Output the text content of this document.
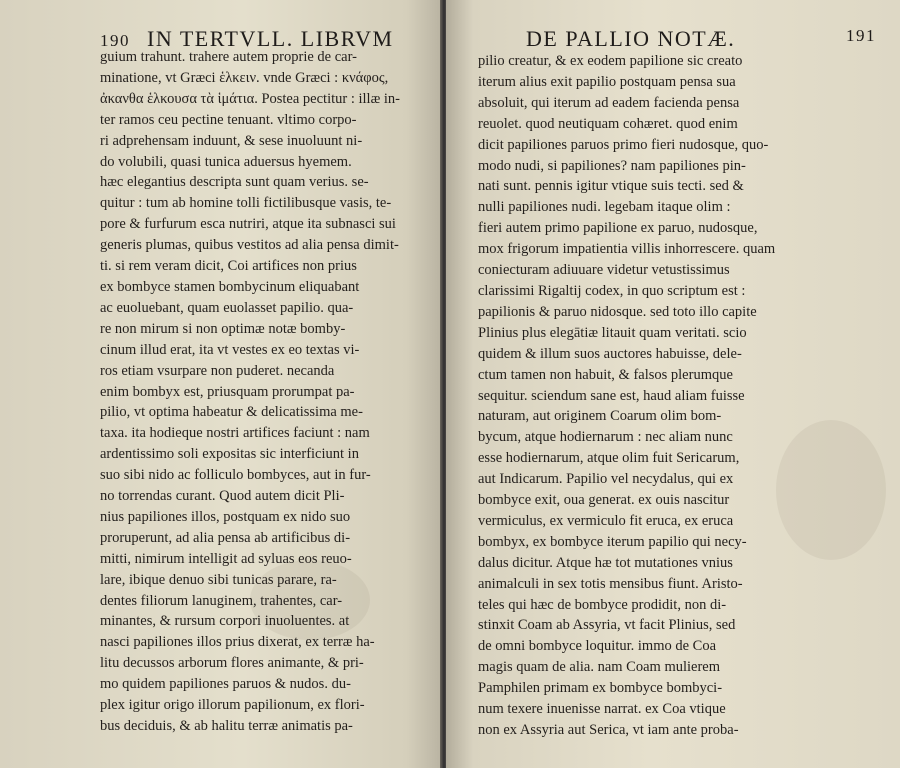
190 IN TERTVLL. LIBRVM	DE PALLIO NOTÆ.	191
guium trahunt. trahere autem proprie de car-
minatione, vt Græci ἑλκειν. vnde Græci : κνάφος,
ἀκανθα ἑλκουσα τὰ ἱμάτια. Postea pectitur : illæ in-
ter ramos ceu pectine tenuant. vltimo corpo-
ri adprehensam induunt, & sese inuoluunt ni-
do volubili, quasi tunica aduersus hyemem.
hæc elegantius descripta sunt quam verius. se-
quitur : tum ab homine tolli fictilibusque vasis, te-
pore & furfurum esca nutriri, atque ita subnasci sui
generis plumas, quibus vestitos ad alia pensa dimit-
ti. si rem veram dicit, Coi artifices non prius
ex bombyce stamen bombycinum eliquabant
ac euoluebant, quam euolasset papilio. qua-
re non mirum si non optimæ notæ bomby-
cinum illud erat, ita vt vestes ex eo textas vi-
ros etiam vsurpare non puderet. necanda
enim bombyx est, priusquam prorumpat pa-
pilio, vt optima habeatur & delicatissima me-
taxa. ita hodieque nostri artifices faciunt : nam
ardentissimo soli expositas sic interficiunt in
suo sibi nido ac folliculo bombyces, aut in fur-
no torrendas curant. Quod autem dicit Pli-
nius papiliones illos, postquam ex nido suo
proruperunt, ad alia pensa ab artificibus di-
mitti, nimirum intelligit ad syluas eos reuo-
lare, ibique denuo sibi tunicas parare, ra-
dentes filiorum lanuginem, trahentes, car-
minantes, & rursum corpori inuoluentes. at
nasci papiliones illos prius dixerat, ex terræ ha-
litu decussos arborum flores animante, & pri-
mo quidem papiliones paruos & nudos. du-
plex igitur origo illorum papilionum, ex flori-
bus deciduis, & ab halitu terræ animatis pa-
pilio creatur, & ex eodem papilione sic creato
iterum alius exit papilio postquam pensa sua
absoluit, qui iterum ad eadem facienda pensa
reuolet. quod neutiquam cohæret. quod enim
dicit papiliones paruos primo fieri nudosque, quo-
modo nudi, si papiliones? nam papiliones pin-
nati sunt. pennis igitur vtique suis tecti. sed &
nulli papiliones nudi. legebam itaque olim :
fieri autem primo papilione ex paruo, nudosque,
mox frigorum impatientia villis inhorrescere. quam
coniecturam adiuuare videtur vetustissimus
clarissimi Rigaltij codex, in quo scriptum est :
papilionis & paruo nidosque. sed toto illo capite
Plinius plus elegātiæ litauit quam veritati. scio
quidem & illum suos auctores habuisse, dele-
ctum tamen non habuit, & falsos plerumque
sequitur. sciendum sane est, haud aliam fuisse
naturam, aut originem Coarum olim bom-
bycum, atque hodiernarum : nec aliam nunc
esse hodiernarum, atque olim fuit Sericarum,
aut Indicarum. Papilio vel necydalus, qui ex
bombyce exit, oua generat. ex ouis nascitur
vermiculus, ex vermiculo fit eruca, ex eruca
bombyx, ex bombyce iterum papilio qui necy-
dalus dicitur. Atque hæ tot mutationes vnius
animalculi in sex totis mensibus fiunt. Aristo-
teles qui hæc de bombyce prodidit, non di-
stinxit Coam ab Assyria, vt facit Plinius, sed
de omni bombyce loquitur. immo de Coa
magis quam de alia. nam Coam mulierem
Pamphilen primam ex bombyce bombyci-
num texere inuenisse narrat. ex Coa vtique
non ex Assyria aut Serica, vt iam ante proba-
